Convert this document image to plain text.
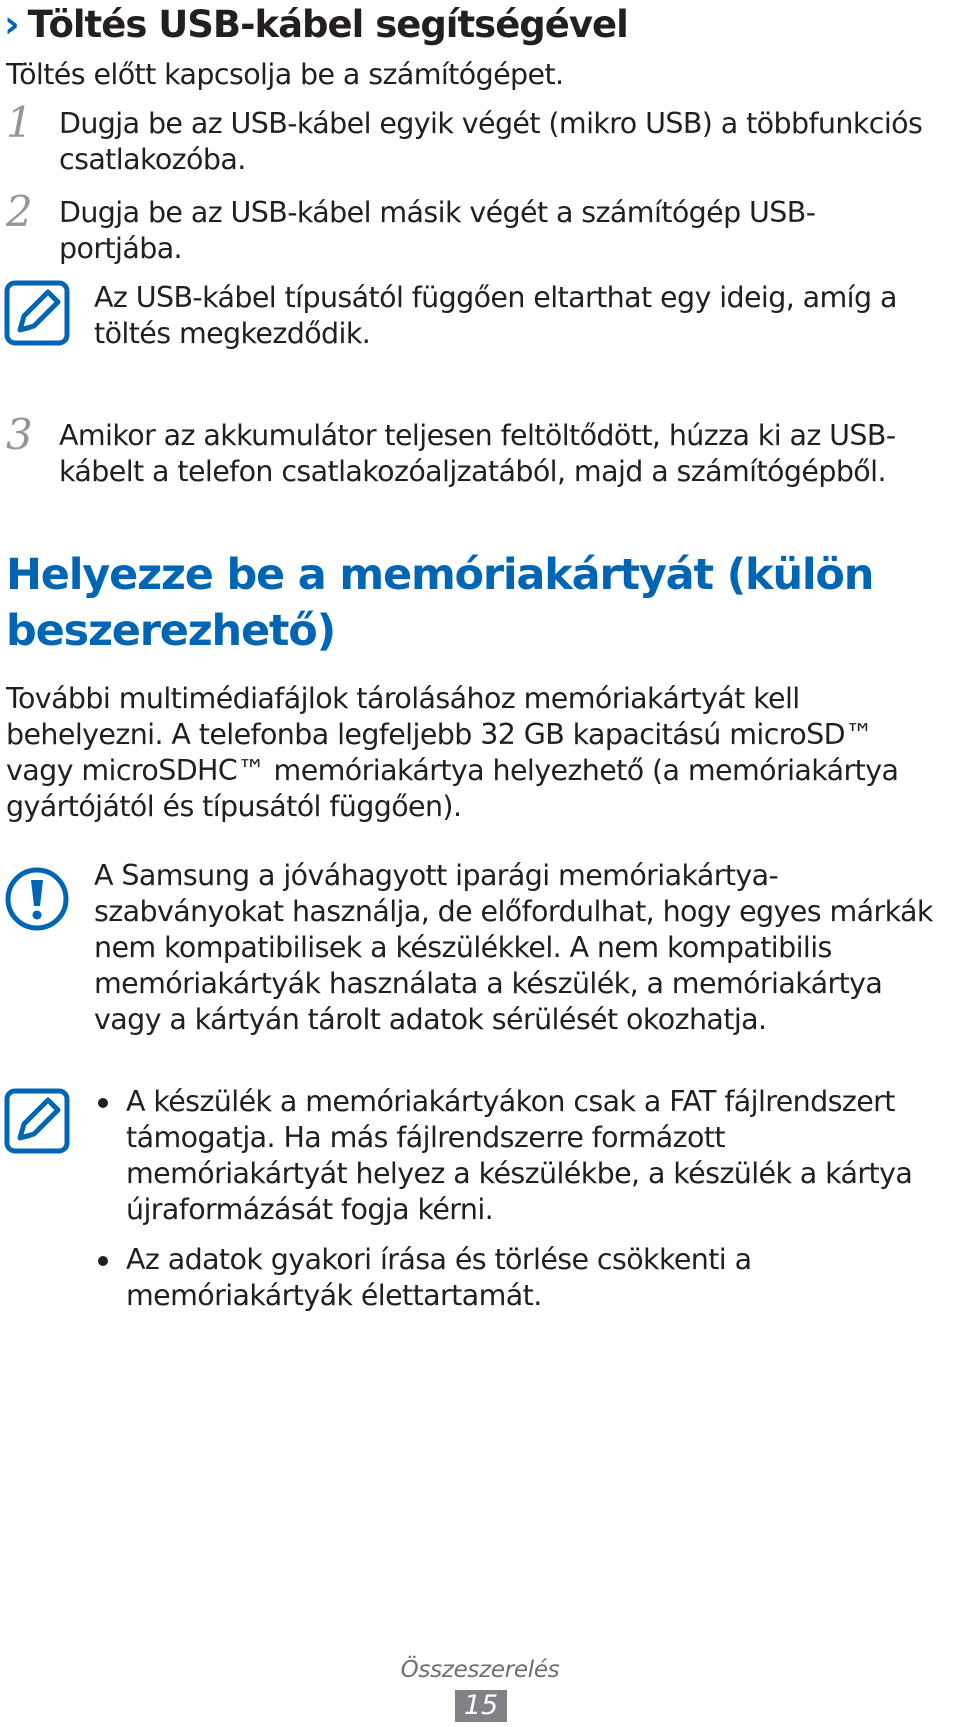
› Töltés USB-kábel segítségével
Töltés előtt kapcsolja be a számítógépet.
1 Dugja be az USB-kábel egyik végét (mikro USB) a többfunkciós
csatlakozóba.
2 Dugja be az USB-kábel másik végét a számítógép USB-
portjába.
Az USB-kábel típusától függően eltarthat egy ideig, amíg a
töltés megkezdődik.
3 Amikor az akkumulátor teljesen feltöltődött, húzza ki az USB-
kábelt a telefon csatlakozóaljzatából, majd a számítógépből.
Helyezze be a memóriakártyát (külön
beszerezhető)
További multimédiafájlok tárolásához memóriakártyát kell
behelyezni. A telefonba legfeljebb 32 GB kapacitású microSD™
vagy microSDHC™ memóriakártya helyezhető (a memóriakártya
gyártójától és típusától függően).
A Samsung a jóváhagyott iparági memóriakártya-
szabványokat használja, de előfordulhat, hogy egyes márkák
nem kompatibilisek a készülékkel. A nem kompatibilis
memóriakártyák használata a készülék, a memóriakártya
vagy a kártyán tárolt adatok sérülését okozhatja.
A készülék a memóriakártyákon csak a FAT fájlrendszert
támogatja. Ha más fájlrendszerre formázott
memóriakártyát helyez a készülékbe, a készülék a kártya
újraformázását fogja kérni.
Az adatok gyakori írása és törlése csökkenti a
memóriakártyák élettartamát.
Összeszerelés
15
